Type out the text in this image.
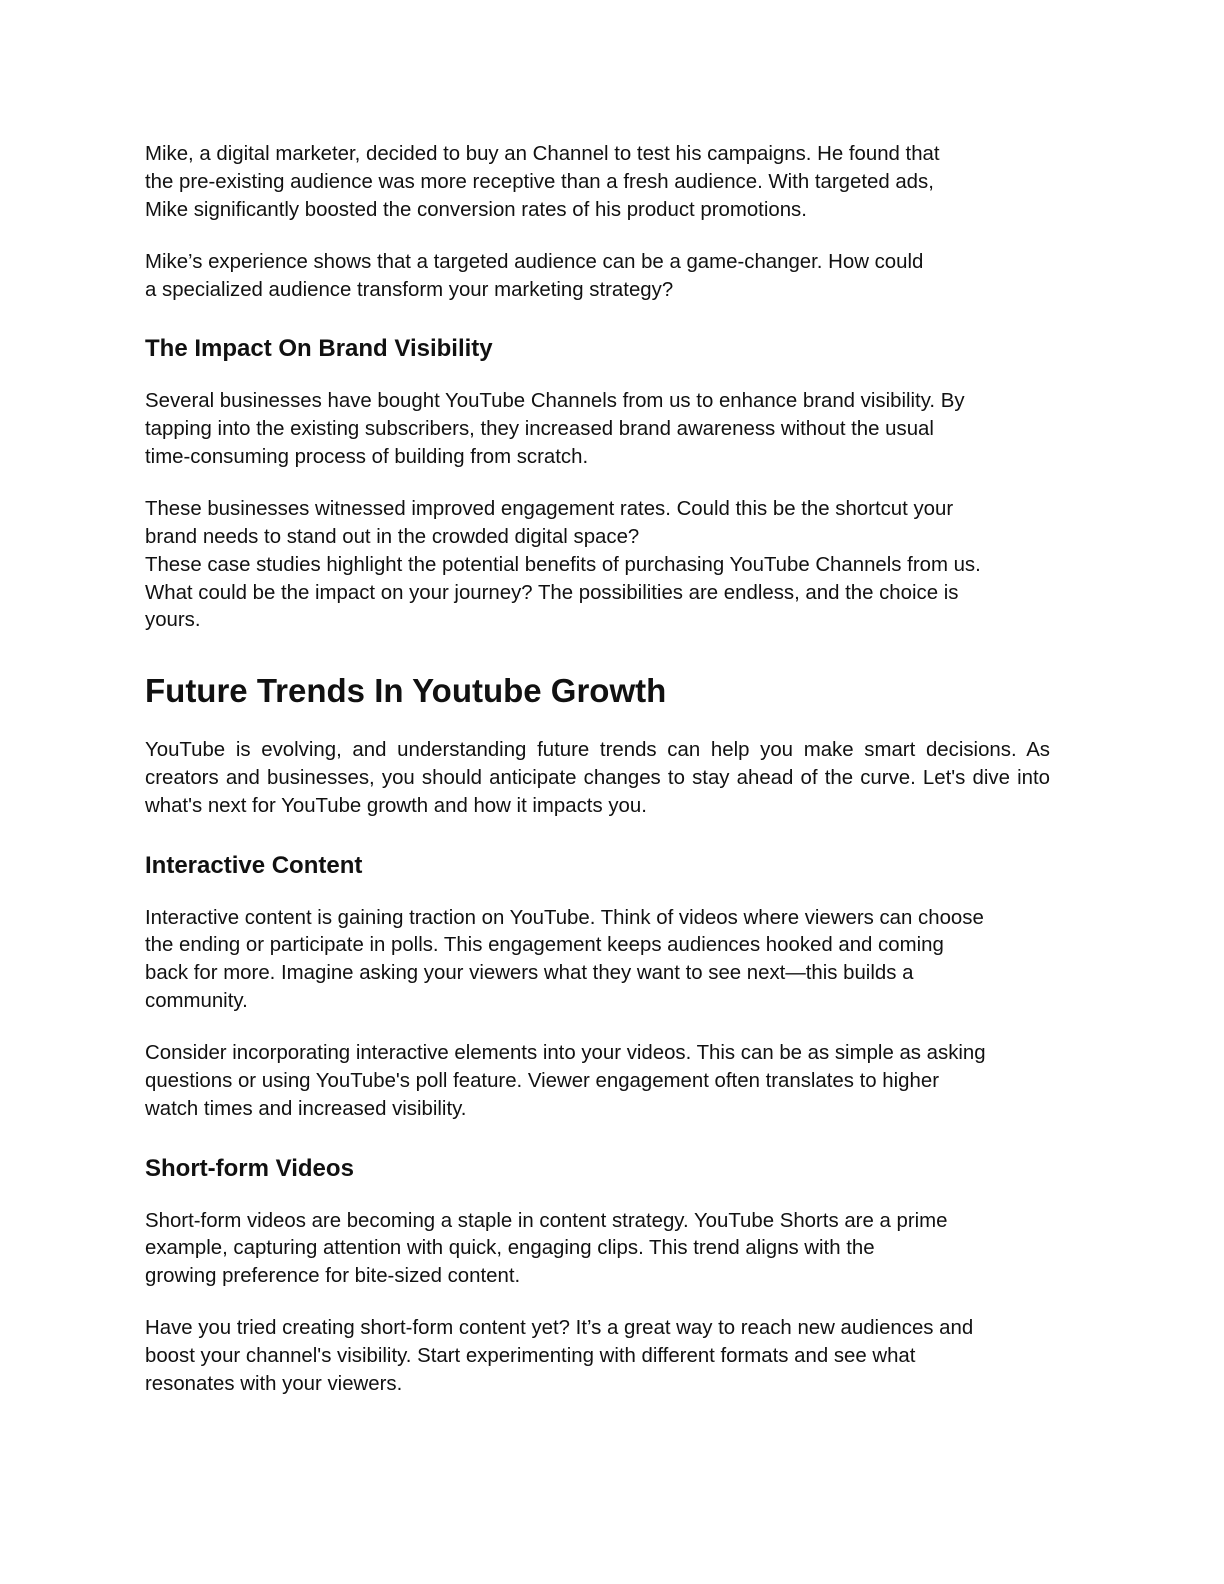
Mike, a digital marketer, decided to buy an Channel to test his campaigns. He found that
the pre-existing audience was more receptive than a fresh audience. With targeted ads,
Mike significantly boosted the conversion rates of his product promotions.

Mike’s experience shows that a targeted audience can be a game-changer. How could
a specialized audience transform your marketing strategy?

The Impact On Brand Visibility

Several businesses have bought YouTube Channels from us to enhance brand visibility. By
tapping into the existing subscribers, they increased brand awareness without the usual
time-consuming process of building from scratch.

These businesses witnessed improved engagement rates. Could this be the shortcut your
brand needs to stand out in the crowded digital space?
These case studies highlight the potential benefits of purchasing YouTube Channels from us.
What could be the impact on your journey? The possibilities are endless, and the choice is
yours.

Future Trends In Youtube Growth

YouTube is evolving, and understanding future trends can help you make smart decisions. As creators and businesses, you should anticipate changes to stay ahead of the curve. Let's dive into what's next for YouTube growth and how it impacts you.

Interactive Content

Interactive content is gaining traction on YouTube. Think of videos where viewers can choose
the ending or participate in polls. This engagement keeps audiences hooked and coming
back for more. Imagine asking your viewers what they want to see next—this builds a
community.

Consider incorporating interactive elements into your videos. This can be as simple as asking
questions or using YouTube's poll feature. Viewer engagement often translates to higher
watch times and increased visibility.

Short-form Videos

Short-form videos are becoming a staple in content strategy. YouTube Shorts are a prime
example, capturing attention with quick, engaging clips. This trend aligns with the
growing preference for bite-sized content.

Have you tried creating short-form content yet? It’s a great way to reach new audiences and
boost your channel's visibility. Start experimenting with different formats and see what
resonates with your viewers.
